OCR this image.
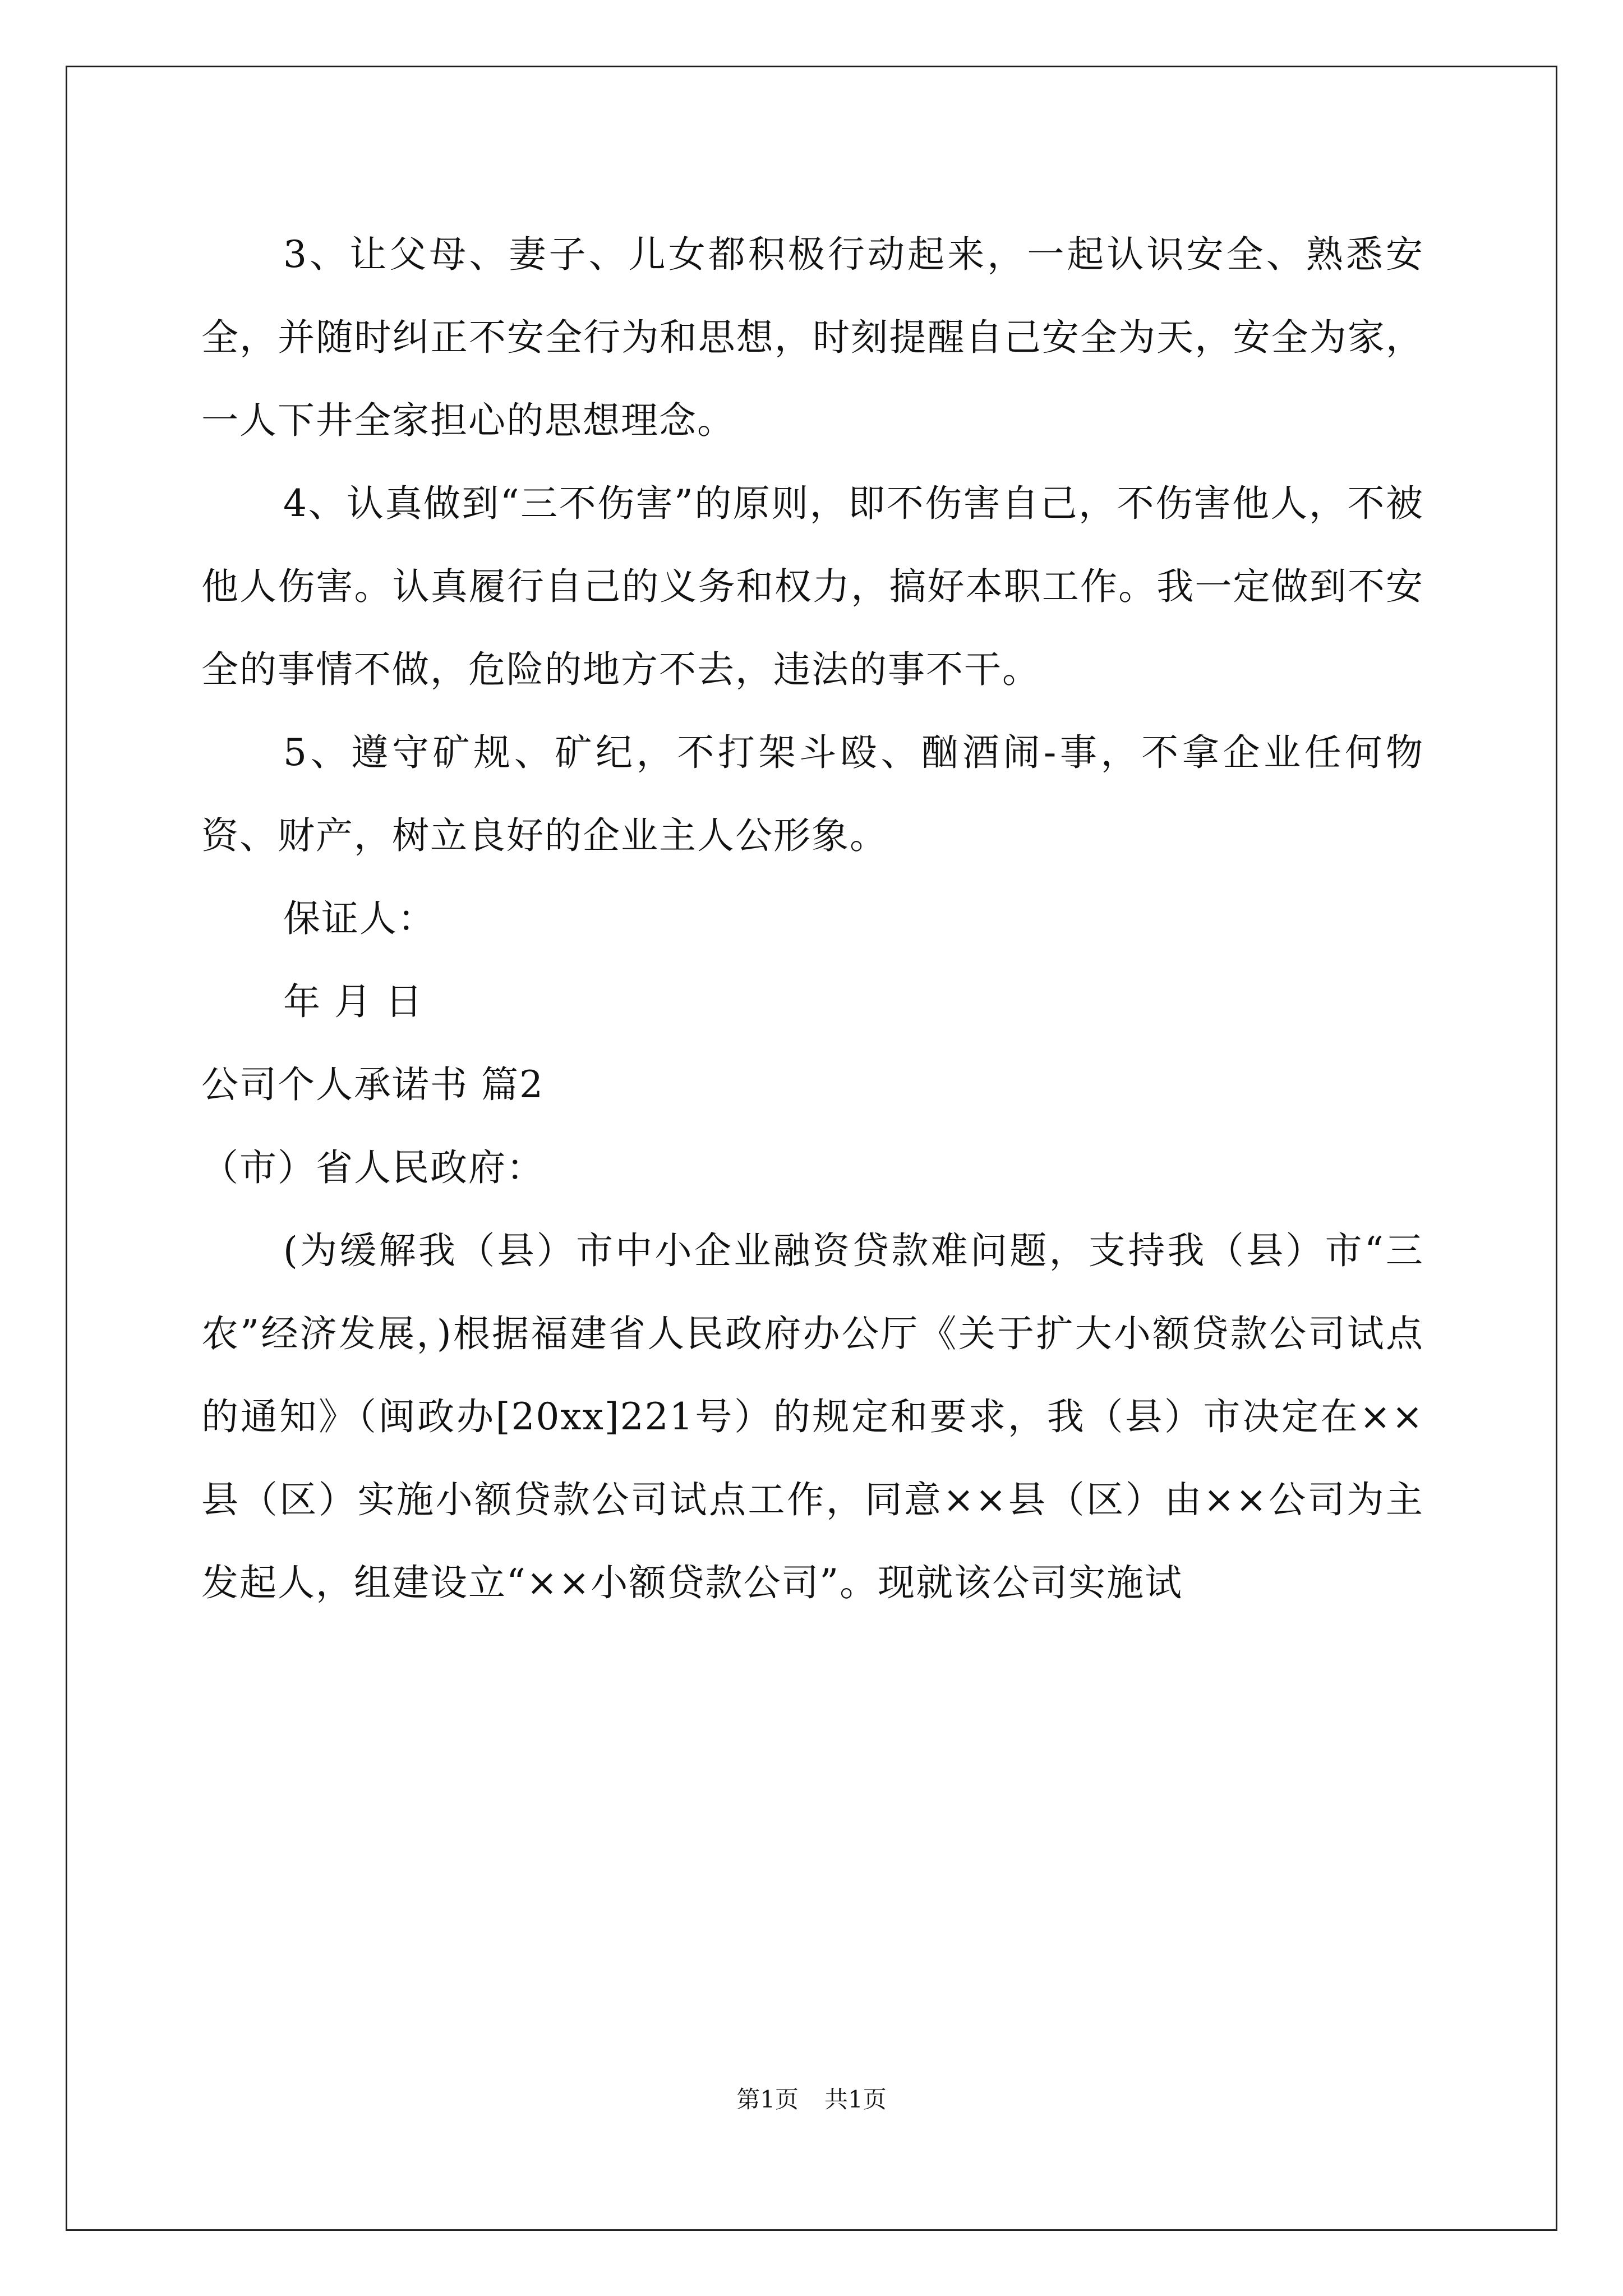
3、让父母、妻子、儿女都积极行动起来，一起认识安全、熟悉安全，并随时纠正不安全行为和思想，时刻提醒自己安全为天，安全为家，一人下井全家担心的思想理念。

4、认真做到“三不伤害”的原则，即不伤害自己，不伤害他人，不被他人伤害。认真履行自己的义务和权力，搞好本职工作。我一定做到不安全的事情不做，危险的地方不去，违法的事不干。

5、遵守矿规、矿纪，不打架斗殴、酗酒闹-事，不拿企业任何物资、财产，树立良好的企业主人公形象。

保证人：

年 月 日

公司个人承诺书 篇2

（市）省人民政府：

(为缓解我（县）市中小企业融资贷款难问题，支持我（县）市“三农”经济发展，)根据福建省人民政府办公厅《关于扩大小额贷款公司试点的通知》（闽政办[20xx]221号）的规定和要求，我（县）市决定在××县（区）实施小额贷款公司试点工作，同意××县（区）由××公司为主发起人，组建设立“××小额贷款公司”。现就该公司实施试

第1页 共1页
